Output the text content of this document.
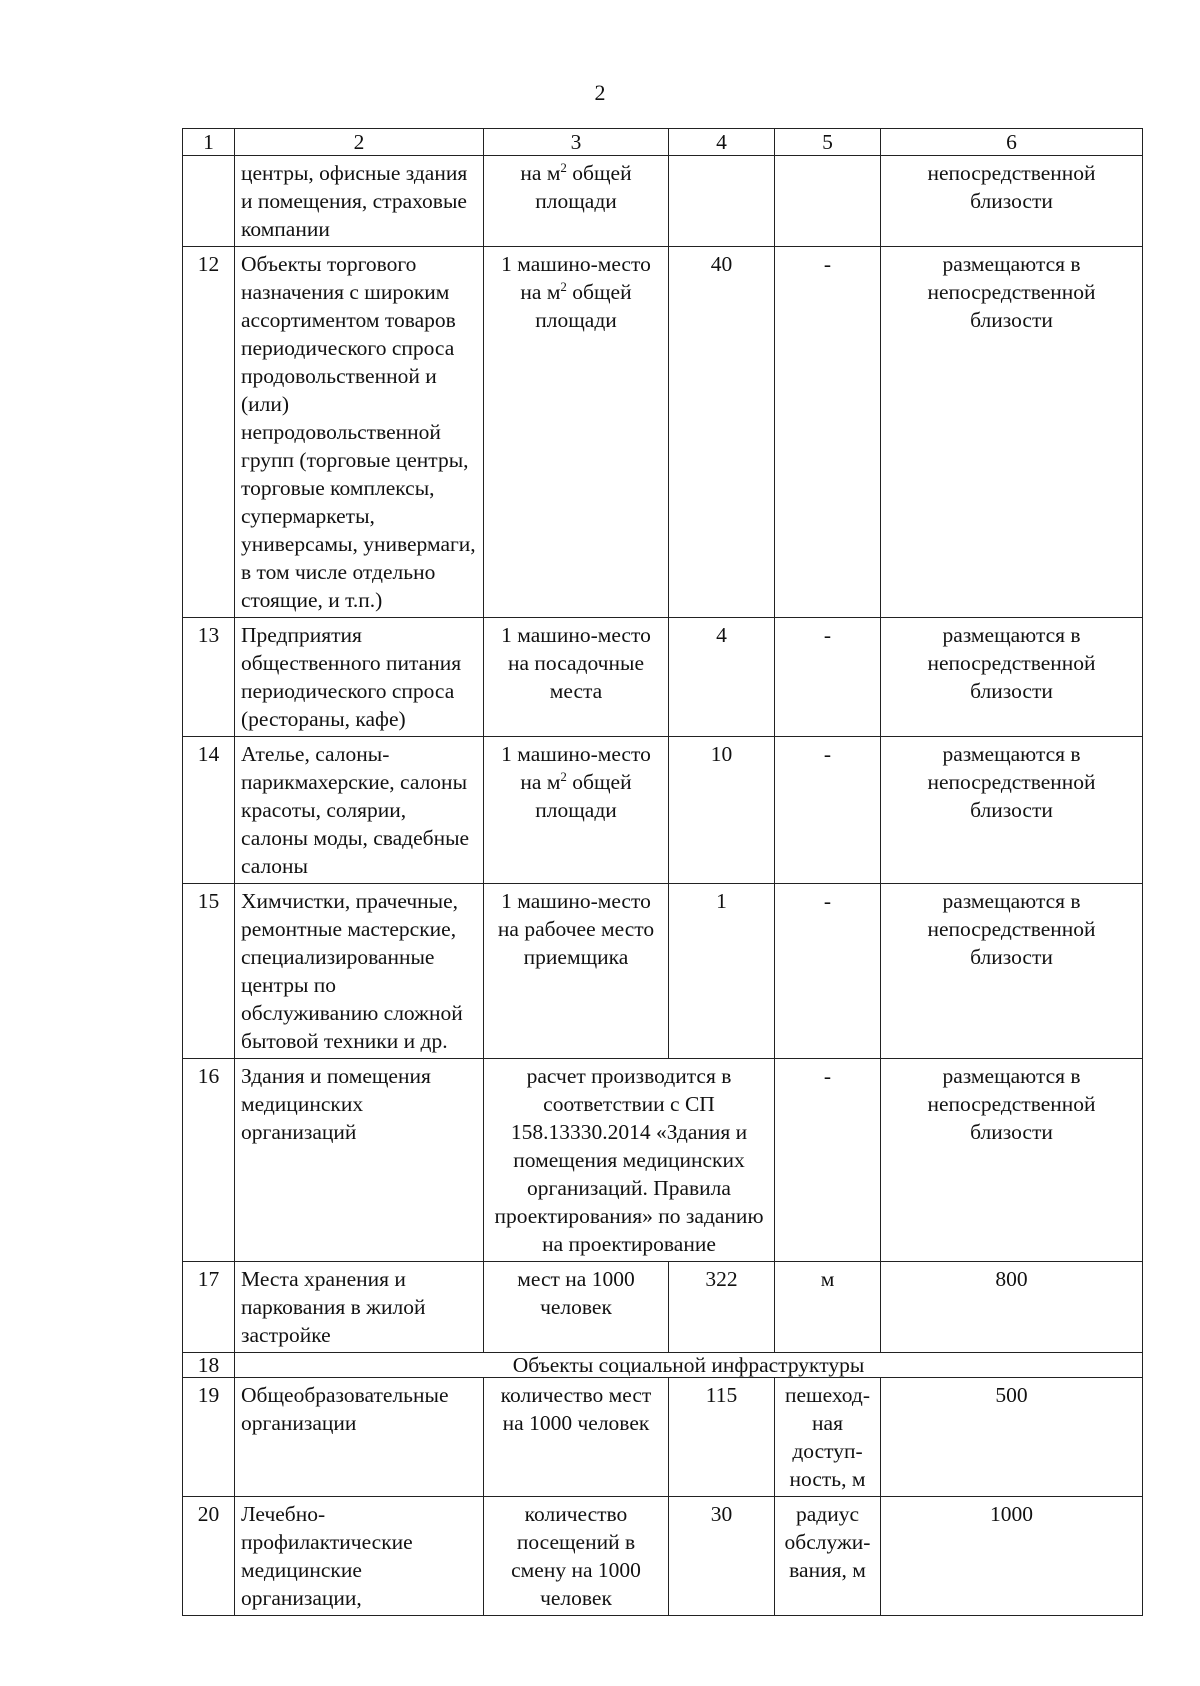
2
1	2	3	4	5	6
	центры, офисные здания и помещения, страховые компании	на $м^2$ общей площади			непосредственной близости
12	Объекты торгового назначения с широким ассортиментом товаров периодического спроса продовольственной и (или) непродовольственной групп (торговые центры, торговые комплексы, супермаркеты, универсамы, универмаги, в том числе отдельно стоящие, и т.п.)	1 машино-место на $м^2$ общей площади	40	-	размещаются в непосредственной близости
13	Предприятия общественного питания периодического спроса (рестораны, кафе)	1 машино-место на посадочные места	4	-	размещаются в непосредственной близости
14	Ателье, салоны-парикмахерские, салоны красоты, солярии, салоны моды, свадебные салоны	1 машино-место на $м^2$ общей площади	10	-	размещаются в непосредственной близости
15	Химчистки, прачечные, ремонтные мастерские, специализированные центры по обслуживанию сложной бытовой техники и др.	1 машино-место на рабочее место приемщика	1	-	размещаются в непосредственной близости
16	Здания и помещения медицинских организаций	расчет производится в соответствии с СП 158.13330.2014 «Здания и помещения медицинских организаций. Правила проектирования» по заданию на проектирование		-	размещаются в непосредственной близости
17	Места хранения и паркования в жилой застройке	мест на 1000 человек	322	м	800
18	Объекты социальной инфраструктуры				
19	Общеобразовательные организации	количество мест на 1000 человек	115	пешеход-ная доступ-ность, м	500
20	Лечебно-профилактические медицинские организации,	количество посещений в смену на 1000 человек	30	радиус обслужи-вания, м	1000
